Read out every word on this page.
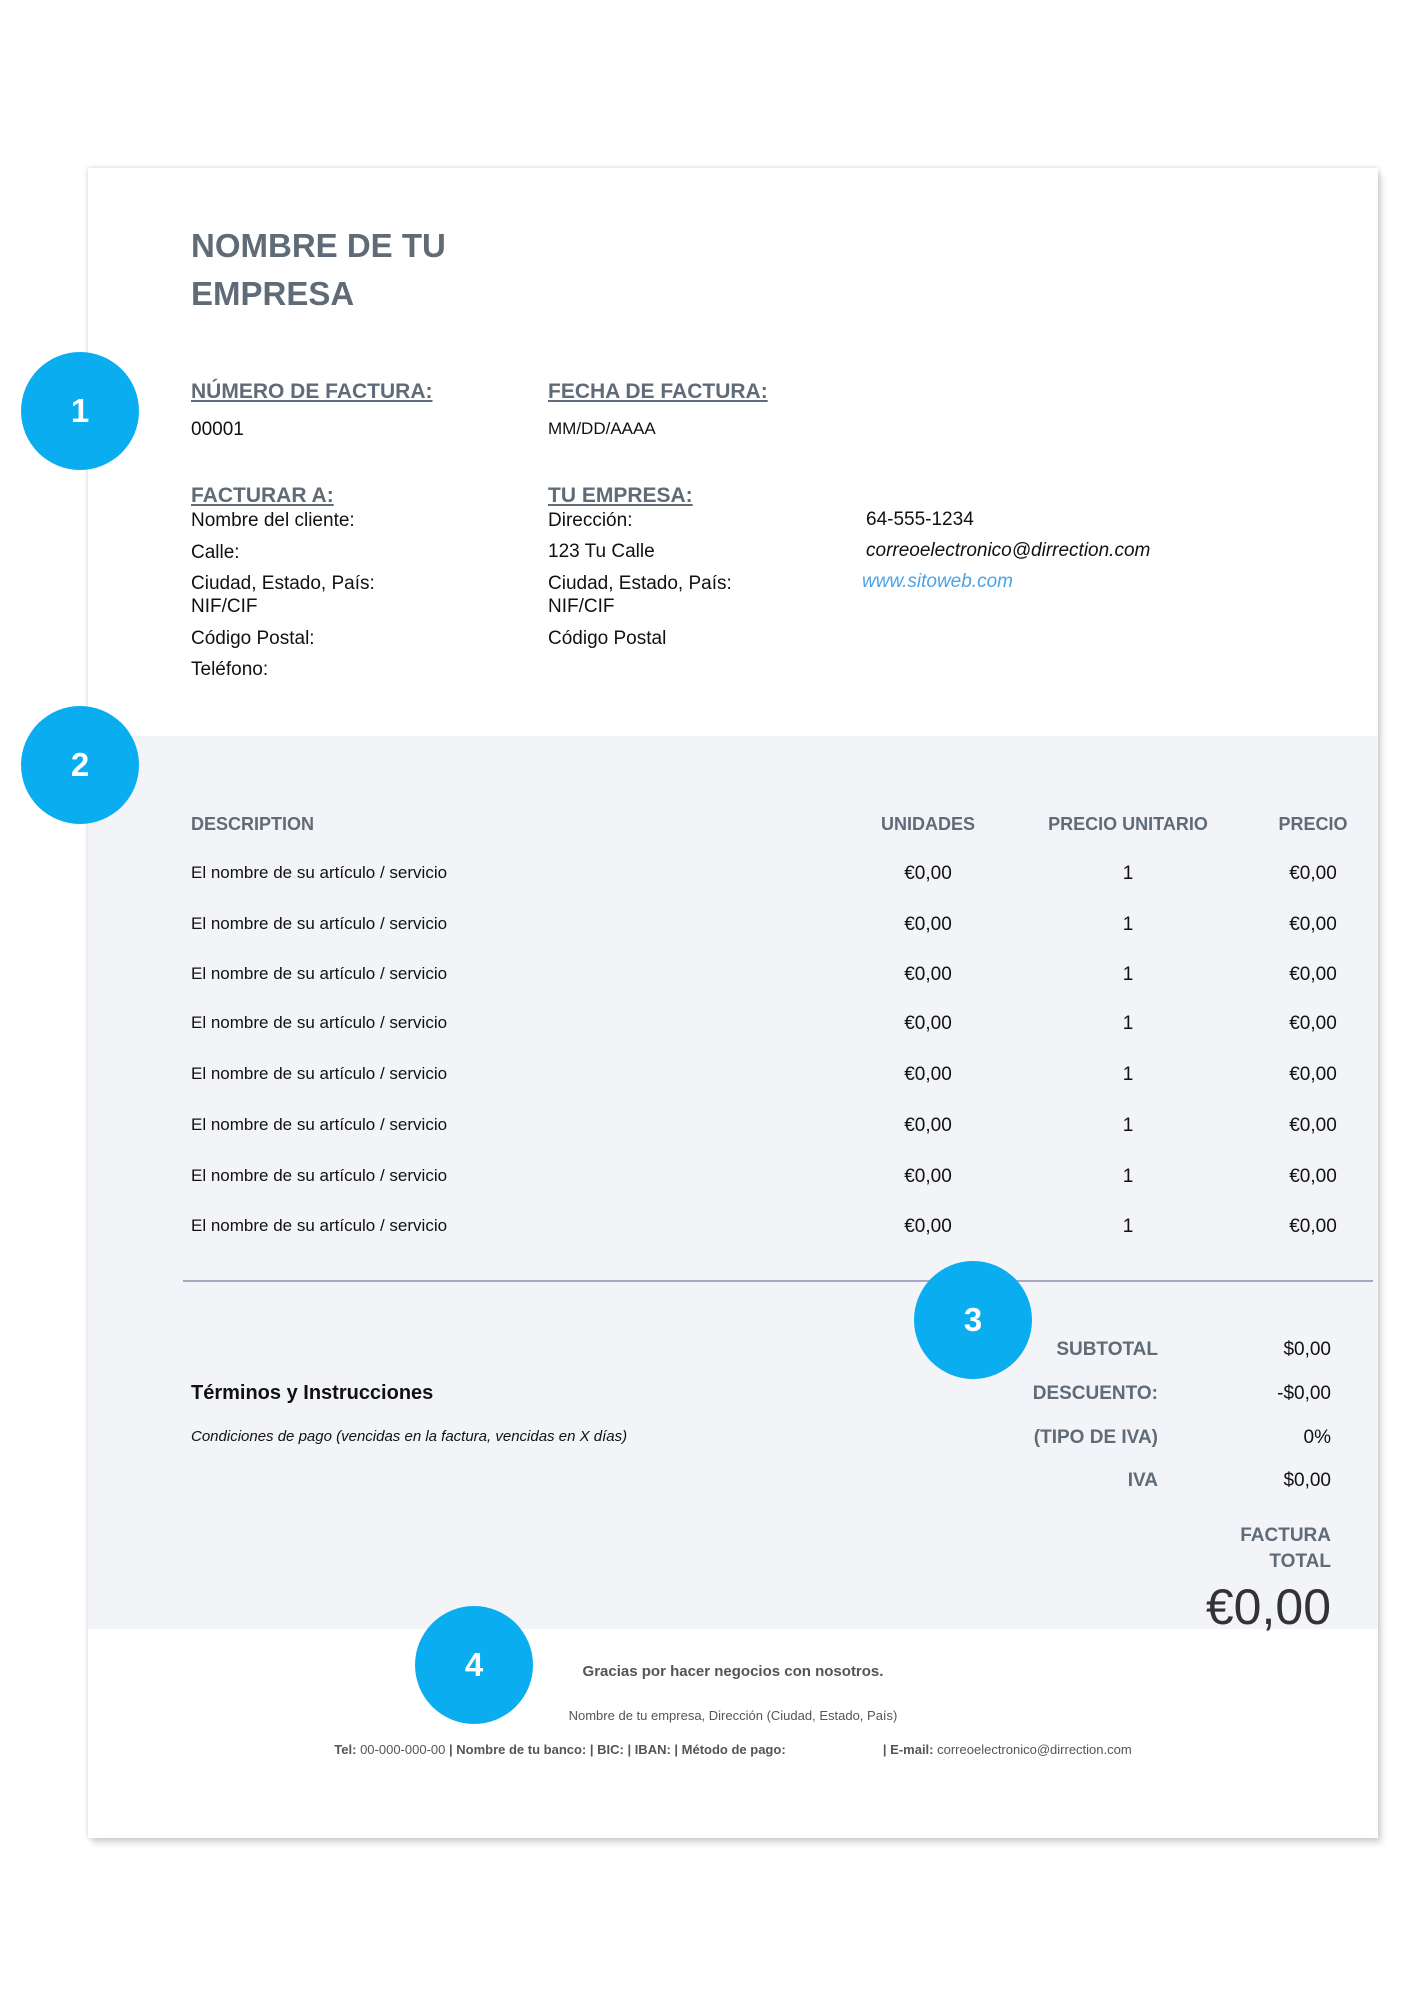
NOMBRE DE TU EMPRESA
NÚMERO DE FACTURA:
00001
FECHA DE FACTURA:
MM/DD/AAAA
FACTURAR A:
Nombre del cliente:
Calle:
Ciudad, Estado, País:
NIF/CIF
Código Postal:
Teléfono:
TU EMPRESA:
Dirección:
123 Tu Calle
Ciudad, Estado, País:
NIF/CIF
Código Postal
64-555-1234
correoelectronico@dirrection.com
www.sitoweb.com
DESCRIPTION	UNIDADES	PRECIO UNITARIO	PRECIO
El nombre de su artículo / servicio	€0,00	1	€0,00
El nombre de su artículo / servicio	€0,00	1	€0,00
El nombre de su artículo / servicio	€0,00	1	€0,00
El nombre de su artículo / servicio	€0,00	1	€0,00
El nombre de su artículo / servicio	€0,00	1	€0,00
El nombre de su artículo / servicio	€0,00	1	€0,00
El nombre de su artículo / servicio	€0,00	1	€0,00
El nombre de su artículo / servicio	€0,00	1	€0,00
Términos y Instrucciones
Condiciones de pago (vencidas en la factura, vencidas en X días)
SUBTOTAL	$0,00
DESCUENTO:	-$0,00
(TIPO DE IVA)	0%
IVA	$0,00
FACTURA
TOTAL
€0,00
Gracias por hacer negocios con nosotros.
Nombre de tu empresa, Dirección (Ciudad, Estado, País)
Tel: 00-000-000-00 | Nombre de tu banco: | BIC: | IBAN: | Método de pago:	| E-mail: correoelectronico@dirrection.com
1
2
3
4
